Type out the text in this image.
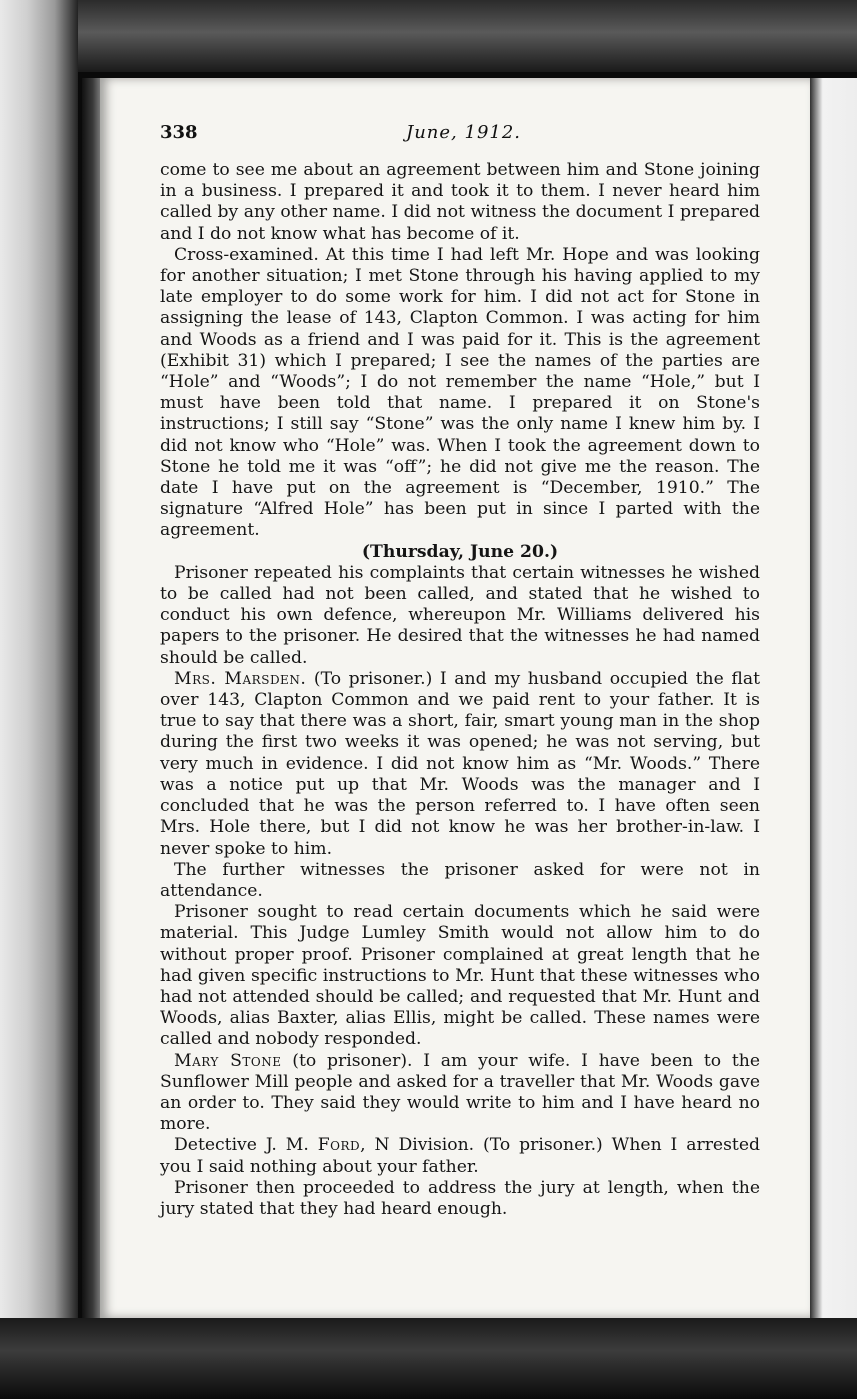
338	June, 1912.

come to see me about an agreement between him and Stone joining in a business. I prepared it and took it to them. I never heard him called by any other name. I did not witness the document I prepared and I do not know what has become of it.

Cross-examined. At this time I had left Mr. Hope and was looking for another situation; I met Stone through his having applied to my late employer to do some work for him. I did not act for Stone in assigning the lease of 143, Clapton Common. I was acting for him and Woods as a friend and I was paid for it. This is the agreement (Exhibit 31) which I prepared; I see the names of the parties are “Hole” and “Woods”; I do not remember the name “Hole,” but I must have been told that name. I prepared it on Stone's instructions; I still say “Stone” was the only name I knew him by. I did not know who “Hole” was. When I took the agreement down to Stone he told me it was “off”; he did not give me the reason. The date I have put on the agreement is “December, 1910.” The signature “Alfred Hole” has been put in since I parted with the agreement.

(Thursday, June 20.)

Prisoner repeated his complaints that certain witnesses he wished to be called had not been called, and stated that he wished to conduct his own defence, whereupon Mr. Williams delivered his papers to the prisoner. He desired that the witnesses he had named should be called.

Mrs. Marsden. (To prisoner.) I and my husband occupied the flat over 143, Clapton Common and we paid rent to your father. It is true to say that there was a short, fair, smart young man in the shop during the first two weeks it was opened; he was not serving, but very much in evidence. I did not know him as “Mr. Woods.” There was a notice put up that Mr. Woods was the manager and I concluded that he was the person referred to. I have often seen Mrs. Hole there, but I did not know he was her brother-in-law. I never spoke to him.

The further witnesses the prisoner asked for were not in attendance.

Prisoner sought to read certain documents which he said were material. This Judge Lumley Smith would not allow him to do without proper proof. Prisoner complained at great length that he had given specific instructions to Mr. Hunt that these witnesses who had not attended should be called; and requested that Mr. Hunt and Woods, alias Baxter, alias Ellis, might be called. These names were called and nobody responded.

Mary Stone (to prisoner). I am your wife. I have been to the Sunflower Mill people and asked for a traveller that Mr. Woods gave an order to. They said they would write to him and I have heard no more.

Detective J. M. Ford, N Division. (To prisoner.) When I arrested you I said nothing about your father.

Prisoner then proceeded to address the jury at length, when the jury stated that they had heard enough.
